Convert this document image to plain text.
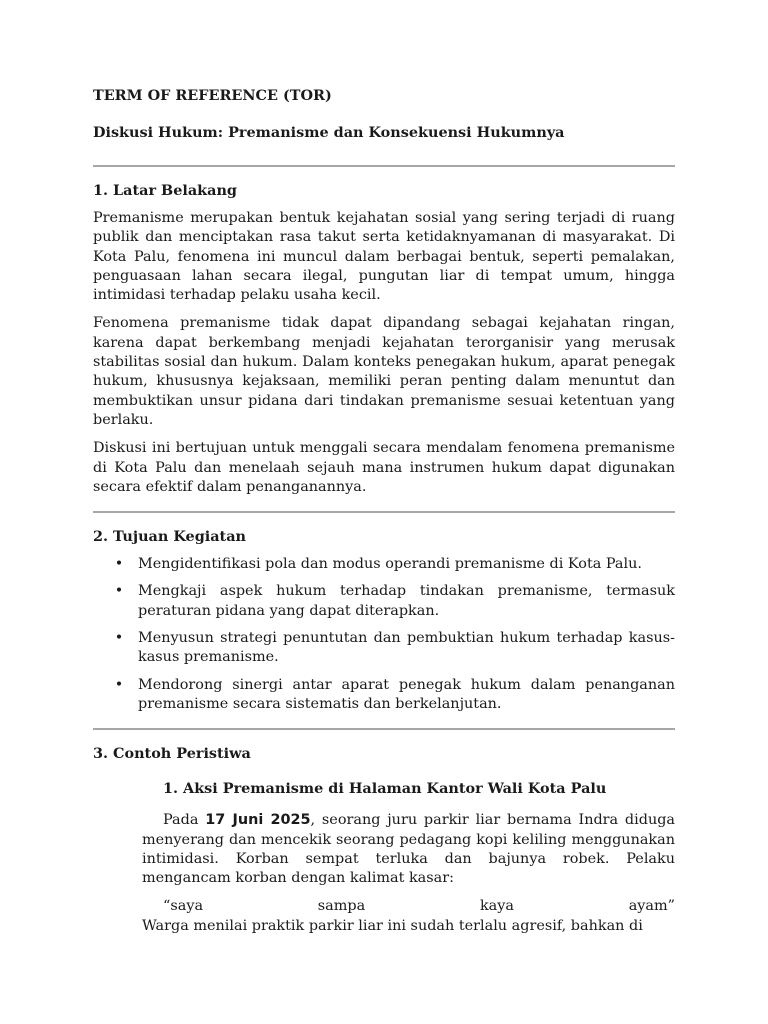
TERM OF REFERENCE (TOR)
Diskusi Hukum: Premanisme dan Konsekuensi Hukumnya
1. Latar Belakang

Premanisme merupakan bentuk kejahatan sosial yang sering terjadi di ruang publik dan menciptakan rasa takut serta ketidaknyamanan di masyarakat. Di Kota Palu, fenomena ini muncul dalam berbagai bentuk, seperti pemalakan, penguasaan lahan secara ilegal, pungutan liar di tempat umum, hingga intimidasi terhadap pelaku usaha kecil.

Fenomena premanisme tidak dapat dipandang sebagai kejahatan ringan, karena dapat berkembang menjadi kejahatan terorganisir yang merusak stabilitas sosial dan hukum. Dalam konteks penegakan hukum, aparat penegak hukum, khususnya kejaksaan, memiliki peran penting dalam menuntut dan membuktikan unsur pidana dari tindakan premanisme sesuai ketentuan yang berlaku.

Diskusi ini bertujuan untuk menggali secara mendalam fenomena premanisme di Kota Palu dan menelaah sejauh mana instrumen hukum dapat digunakan secara efektif dalam penanganannya.

2. Tujuan Kegiatan
• Mengidentifikasi pola dan modus operandi premanisme di Kota Palu.
• Mengkaji aspek hukum terhadap tindakan premanisme, termasuk peraturan pidana yang dapat diterapkan.
• Menyusun strategi penuntutan dan pembuktian hukum terhadap kasus-kasus premanisme.
• Mendorong sinergi antar aparat penegak hukum dalam penanganan premanisme secara sistematis dan berkelanjutan.
3. Contoh Peristiwa
1. Aksi Premanisme di Halaman Kantor Wali Kota Palu

Pada 17 Juni 2025, seorang juru parkir liar bernama Indra diduga menyerang dan mencekik seorang pedagang kopi keliling menggunakan intimidasi. Korban sempat terluka dan bajunya robek. Pelaku mengancam korban dengan kalimat kasar:

“saya	sampa	kaya	ayam”

Warga menilai praktik parkir liar ini sudah terlalu agresif, bahkan di
